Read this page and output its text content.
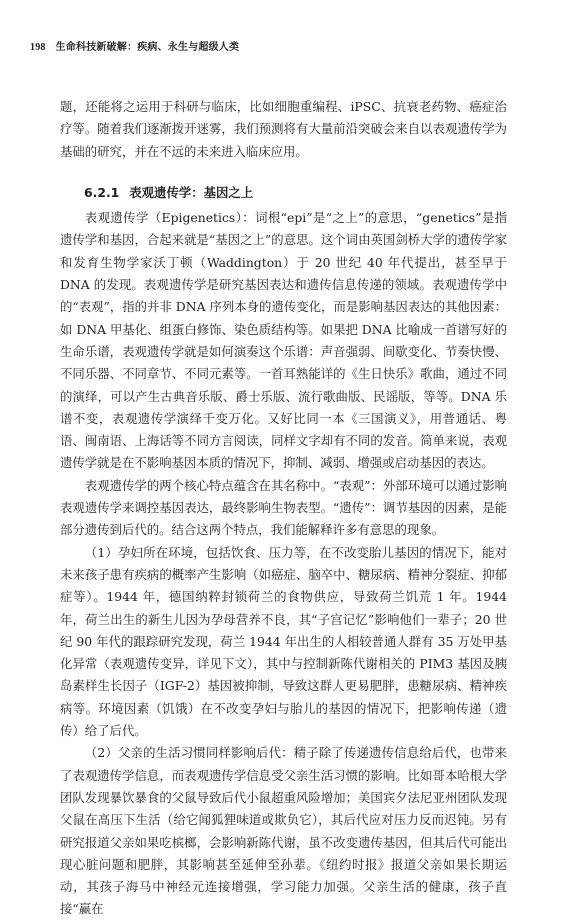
198 生命科技新破解：疾病、永生与超级人类

题，还能将之运用于科研与临床，比如细胞重编程、iPSC、抗衰老药物、癌症治疗等。随着我们逐渐拨开迷雾，我们预测将有大量前沿突破会来自以表观遗传学为基础的研究，并在不远的未来进入临床应用。

6.2.1 表观遗传学：基因之上

表观遗传学（Epigenetics）：词根“epi”是“之上”的意思，“genetics”是指遗传学和基因，合起来就是“基因之上”的意思。这个词由英国剑桥大学的遗传学家和发育生物学家沃丁顿（Waddington）于 20 世纪 40 年代提出，甚至早于 DNA 的发现。表观遗传学是研究基因表达和遗传信息传递的领域。表观遗传学中的“表观”，指的并非 DNA 序列本身的遗传变化，而是影响基因表达的其他因素：如 DNA 甲基化、组蛋白修饰、染色质结构等。如果把 DNA 比喻成一首谱写好的生命乐谱，表观遗传学就是如何演奏这个乐谱：声音强弱、间歇变化、节奏快慢、不同乐器、不同章节、不同元素等。一首耳熟能详的《生日快乐》歌曲，通过不同的演绎，可以产生古典音乐版、爵士乐版、流行歌曲版、民谣版，等等。DNA 乐谱不变，表观遗传学演绎千变万化。又好比同一本《三国演义》，用普通话、粤语、闽南语、上海话等不同方言阅读，同样文字却有不同的发音。简单来说，表观遗传学就是在不影响基因本质的情况下，抑制、减弱、增强或启动基因的表达。

表观遗传学的两个核心特点蕴含在其名称中。“表观”：外部环境可以通过影响表观遗传学来调控基因表达，最终影响生物表型。“遗传”：调节基因的因素，是能部分遗传到后代的。结合这两个特点，我们能解释许多有意思的现象。

（1）孕妇所在环境，包括饮食、压力等，在不改变胎儿基因的情况下，能对未来孩子患有疾病的概率产生影响（如癌症、脑卒中、糖尿病、精神分裂症、抑郁症等）。1944 年，德国纳粹封锁荷兰的食物供应，导致荷兰饥荒 1 年。1944 年，荷兰出生的新生儿因为孕母营养不良，其“子宫记忆”影响他们一辈子；20 世纪 90 年代的跟踪研究发现，荷兰 1944 年出生的人相较普通人群有 35 万处甲基化异常（表观遗传变异，详见下文），其中与控制新陈代谢相关的 PIM3 基因及胰岛素样生长因子（IGF-2）基因被抑制，导致这群人更易肥胖，患糖尿病、精神疾病等。环境因素（饥饿）在不改变孕妇与胎儿的基因的情况下，把影响传递（遗传）给了后代。

（2）父亲的生活习惯同样影响后代：精子除了传递遗传信息给后代，也带来了表观遗传学信息，而表观遗传学信息受父亲生活习惯的影响。比如哥本哈根大学团队发现暴饮暴食的父鼠导致后代小鼠超重风险增加；美国宾夕法尼亚州团队发现父鼠在高压下生活（给它闻狐狸味道或欺负它），其后代应对压力反而迟钝。另有研究报道父亲如果吃槟榔，会影响新陈代谢，虽不改变遗传基因，但其后代可能出现心脏问题和肥胖，其影响甚至延伸至孙辈。《纽约时报》报道父亲如果长期运动，其孩子海马中神经元连接增强，学习能力加强。父亲生活的健康，孩子直接“赢在
